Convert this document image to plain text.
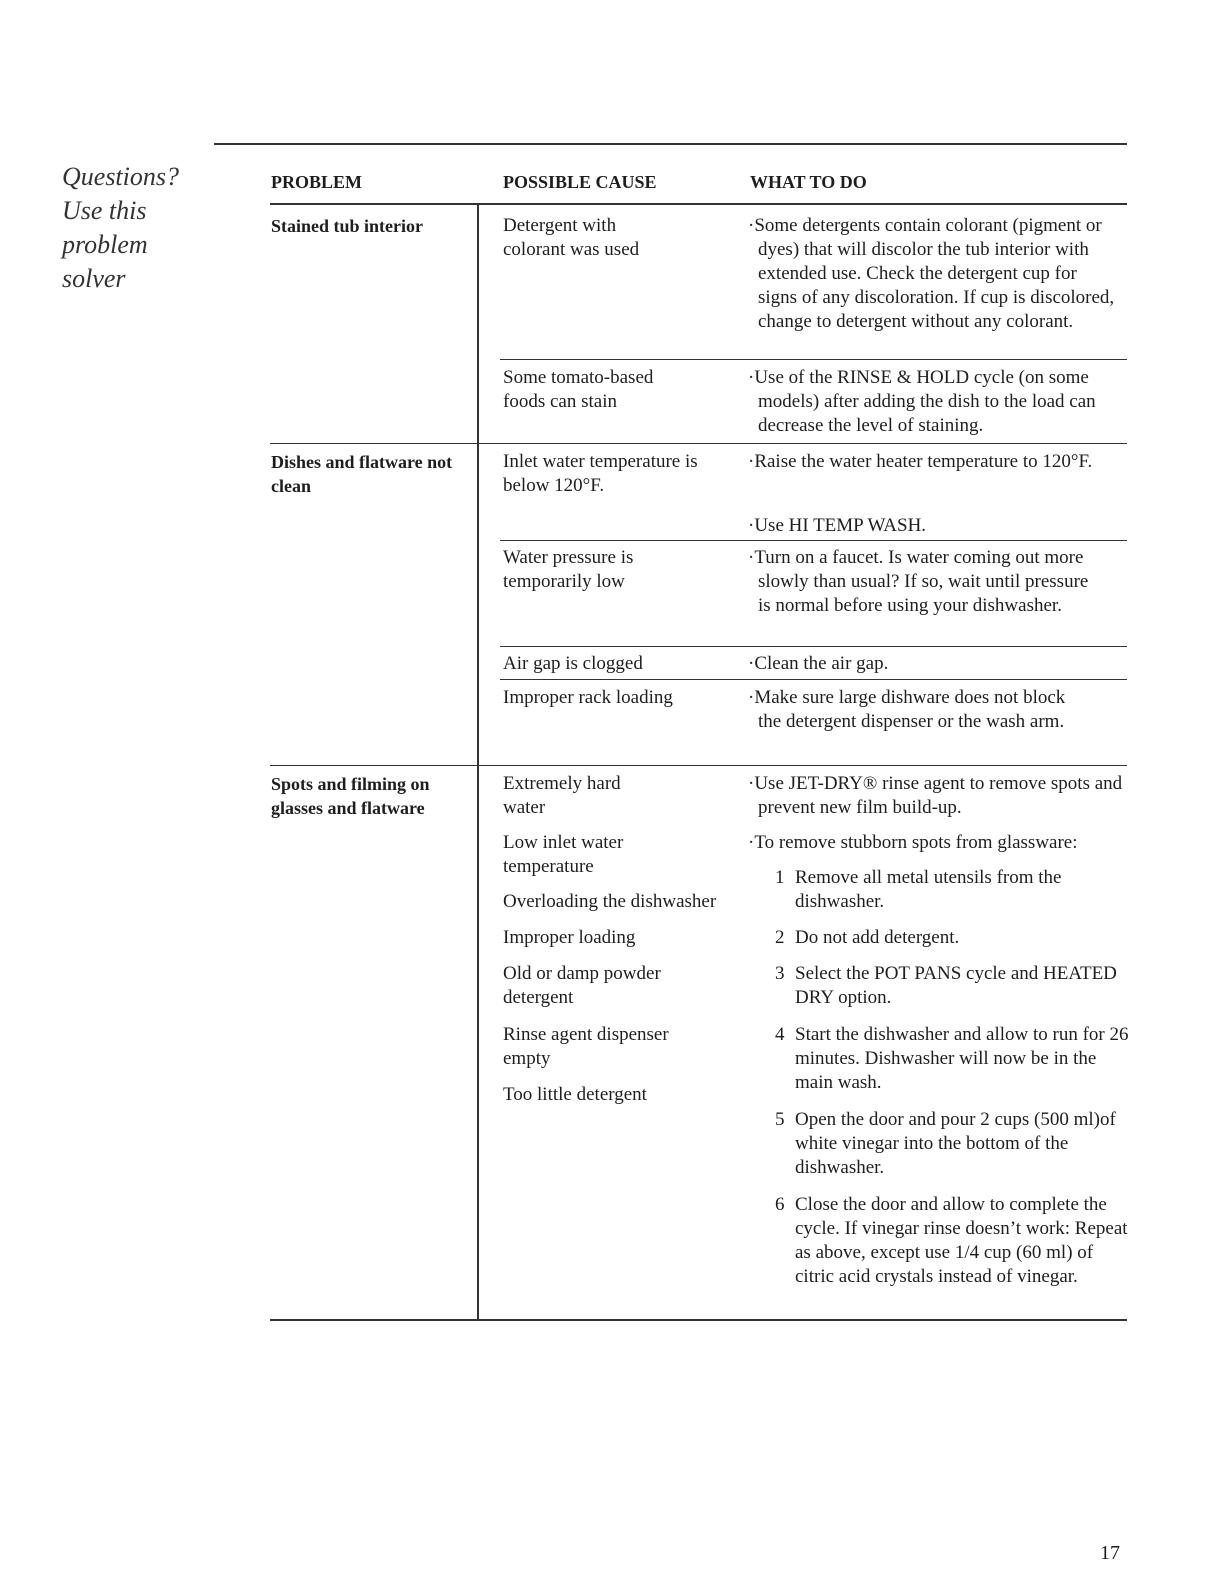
Questions?
Use this
problem
solver
PROBLEM	POSSIBLE CAUSE	WHAT TO DO
Stained tub interior
Dishes and flatware not clean
Spots and filming on glasses and flatware
Detergent with colorant was used
Some tomato-based foods can stain
Inlet water temperature is below 120°F.
Water pressure is temporarily low
Air gap is clogged
Improper rack loading
Extremely hard water
Low inlet water temperature
Overloading the dishwasher
Improper loading
Old or damp powder detergent
Rinse agent dispenser empty
Too little detergent
·Some detergents contain colorant (pigment or dyes) that will discolor the tub interior with extended use. Check the detergent cup for signs of any discoloration. If cup is discolored, change to detergent without any colorant.
·Use of the RINSE & HOLD cycle (on some models) after adding the dish to the load can decrease the level of staining.
·Raise the water heater temperature to 120°F.
·Use HI TEMP WASH.
·Turn on a faucet. Is water coming out more slowly than usual? If so, wait until pressure is normal before using your dishwasher.
·Clean the air gap.
·Make sure large dishware does not block the detergent dispenser or the wash arm.
·Use JET-DRY® rinse agent to remove spots and prevent new film build-up.
·To remove stubborn spots from glassware:
1 Remove all metal utensils from the dishwasher.
2 Do not add detergent.
3 Select the POT PANS cycle and HEATED DRY option.
4 Start the dishwasher and allow to run for 26 minutes. Dishwasher will now be in the main wash.
5 Open the door and pour 2 cups (500 ml)of white vinegar into the bottom of the dishwasher.
6 Close the door and allow to complete the cycle. If vinegar rinse doesn’t work: Repeat as above, except use 1/4 cup (60 ml) of citric acid crystals instead of vinegar.
17
